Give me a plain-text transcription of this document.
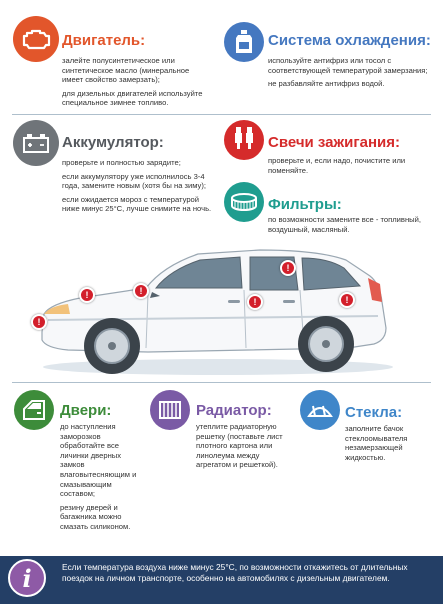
Двигатель:

залейте полусинтетическое или синтетическое масло (минеральное имеет свойство замерзать);

для дизельных двигателей используйте специальное зимнее топливо.

Система охлаждения:

используйте антифриз или тосол с соответствующей температурой замерзания;

не разбавляйте антифриз водой.

Аккумулятор:

проверьте и полностью зарядите;

если аккумулятору уже исполнилось 3-4 года, замените новым (хотя бы на зиму);

если ожидается мороз с температурой ниже минус 25°С, лучше снимите на ночь.

Свечи зажигания:

проверьте и, если надо, почистите или поменяйте.

Фильтры:

по возможности замените все - топливный, воздушный, масляный.

!
!
!	!
!
!
Двери:

до наступления заморозков обработайте все личинки дверных замков влаговытесняющим и смазывающим составом;

резину дверей и багажника можно смазать силиконом.

Радиатор:

утеплите радиаторную решетку (поставьте лист плотного картона или линолеума между агрегатом и решеткой).

Стекла:

заполните бачок стеклоомывателя незамерзающей жидкостью.

i	Если температура воздуха ниже минус 25°С, по возможности откажитесь от длительных поездок на личном транспорте, особенно на автомобилях с дизельным двигателем.
